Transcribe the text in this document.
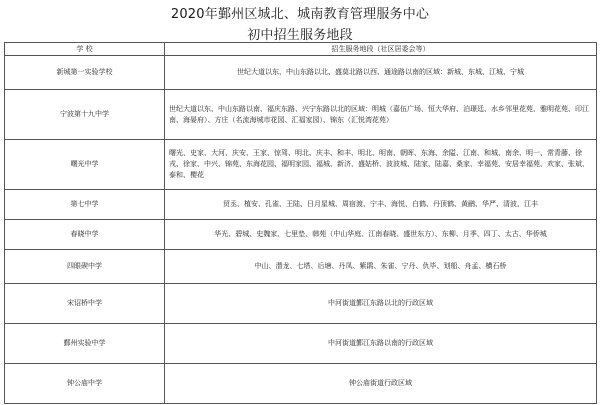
2020年鄞州区城北、城南教育管理服务中心
初中招生服务地段
学 校	招生服务地段（社区居委会等）
新城第一实验学校	世纪大道以东、中山东路以北、盛莫北路以西、通途路以南的区域：新城、东城、江城、宁城
宁波第十九中学	世纪大道以东、中山东路以南、福庆东路、兴宁东路以北的区域：明城（嘉伍广场、恒大华府、泊璟廷、水乡邻里花苑、雅明花苑、印江南、海晏府）、方庄（名流海城市花园、汇福家园）、锦东（汇悦湾花苑）
曙光中学	曙光、史家、大河、庆安、王家、惊驾、明北、庆丰、和丰、明北、明南、朝晖、东海、余隘、江南、和城、南余、明一、常青藤、徐戎、徐家、中兴、锦苑、东海花园、福明家园、福城、新济、盛姑桥、波波城、陆家、陆嘉、桑家、幸福苑、安居幸福苑、欢家、张斌、泰和、樱花
第七中学	贸丞、植安、孔雀、王陆、日月星城、周宿渡、宁丰、海悦、白鹤、丹顶鹤、黄鹂、华严、清波、江丰
春晓中学	华光、碧城、史魏家、七里垫、韩苑（中山华庭、江南春晓、盛世东方）、东柳、月季、四丁、太古、华侨城
四眼碶中学	中山、潜龙、七塔、后塘、丹凤、紫鹃、朱雀、宁丹、仇毕、划船、舟孟、横石桥
宋诏桥中学	中河街道鄞江东路以北的行政区域
鄞州实验中学	中河街道鄞江东路以南的行政区域
钟公庙中学	钟公庙街道行政区域
